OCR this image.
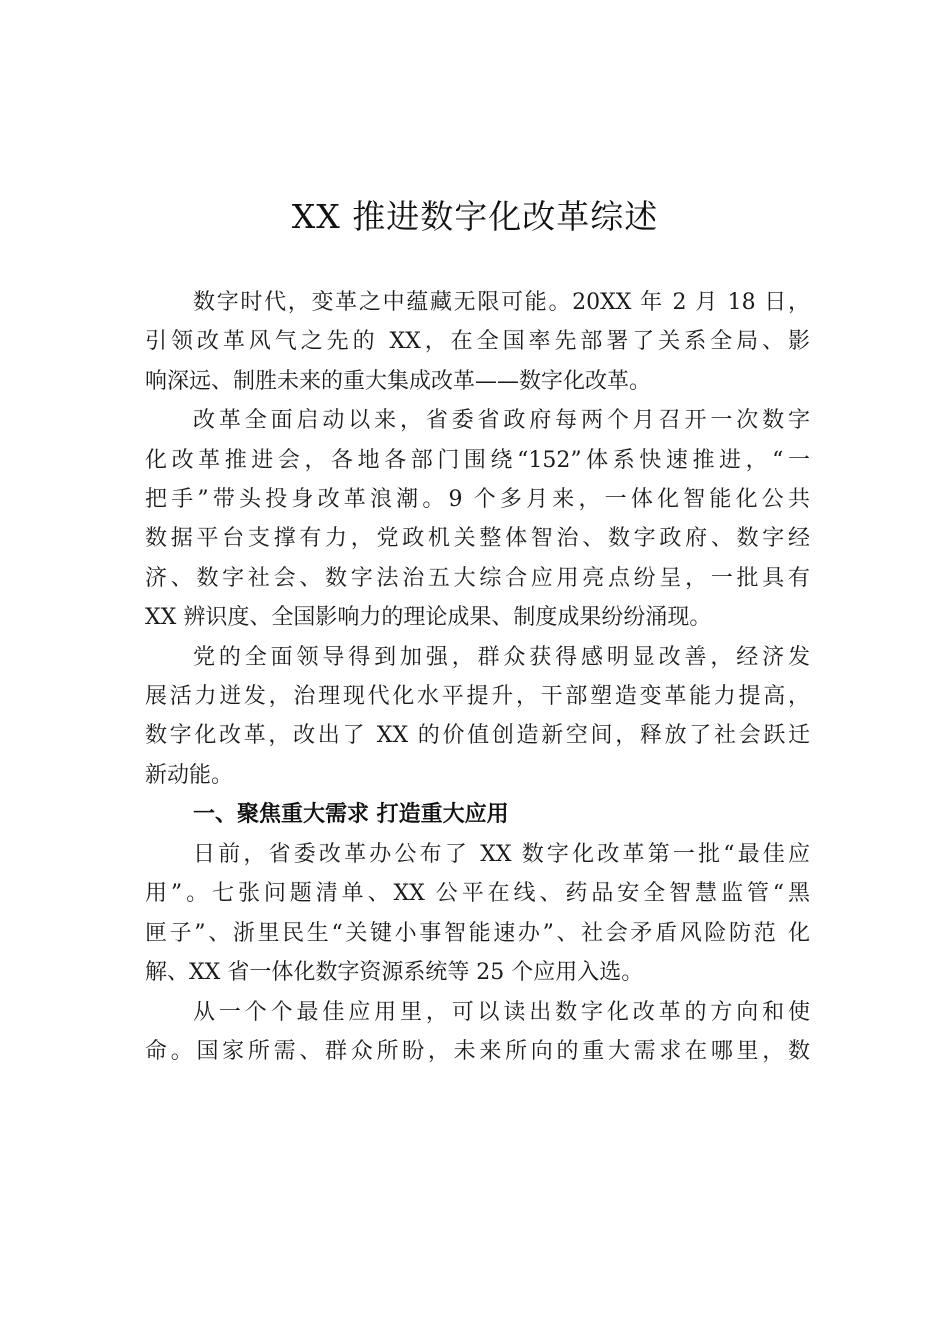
XX 推进数字化改革综述
数字时代，变革之中蕴藏无限可能。20XX 年 2 月 18 日，
引领改革风气之先的 XX，在全国率先部署了关系全局、影
响深远、制胜未来的重大集成改革——数字化改革。
改革全面启动以来，省委省政府每两个月召开一次数字
化改革推进会，各地各部门围绕“152”体系快速推进，“一
把手”带头投身改革浪潮。9 个多月来，一体化智能化公共
数据平台支撑有力，党政机关整体智治、数字政府、数字经
济、数字社会、数字法治五大综合应用亮点纷呈，一批具有
XX 辨识度、全国影响力的理论成果、制度成果纷纷涌现。
党的全面领导得到加强，群众获得感明显改善，经济发
展活力迸发，治理现代化水平提升，干部塑造变革能力提高，
数字化改革，改出了 XX 的价值创造新空间，释放了社会跃迁
新动能。
一、聚焦重大需求 打造重大应用
日前，省委改革办公布了 XX 数字化改革第一批“最佳应
用”。七张问题清单、XX 公平在线、药品安全智慧监管“黑
匣子”、浙里民生“关键小事智能速办”、社会矛盾风险防范 化
解、XX 省一体化数字资源系统等 25 个应用入选。
从一个个最佳应用里，可以读出数字化改革的方向和使
命。国家所需、群众所盼，未来所向的重大需求在哪里，数
